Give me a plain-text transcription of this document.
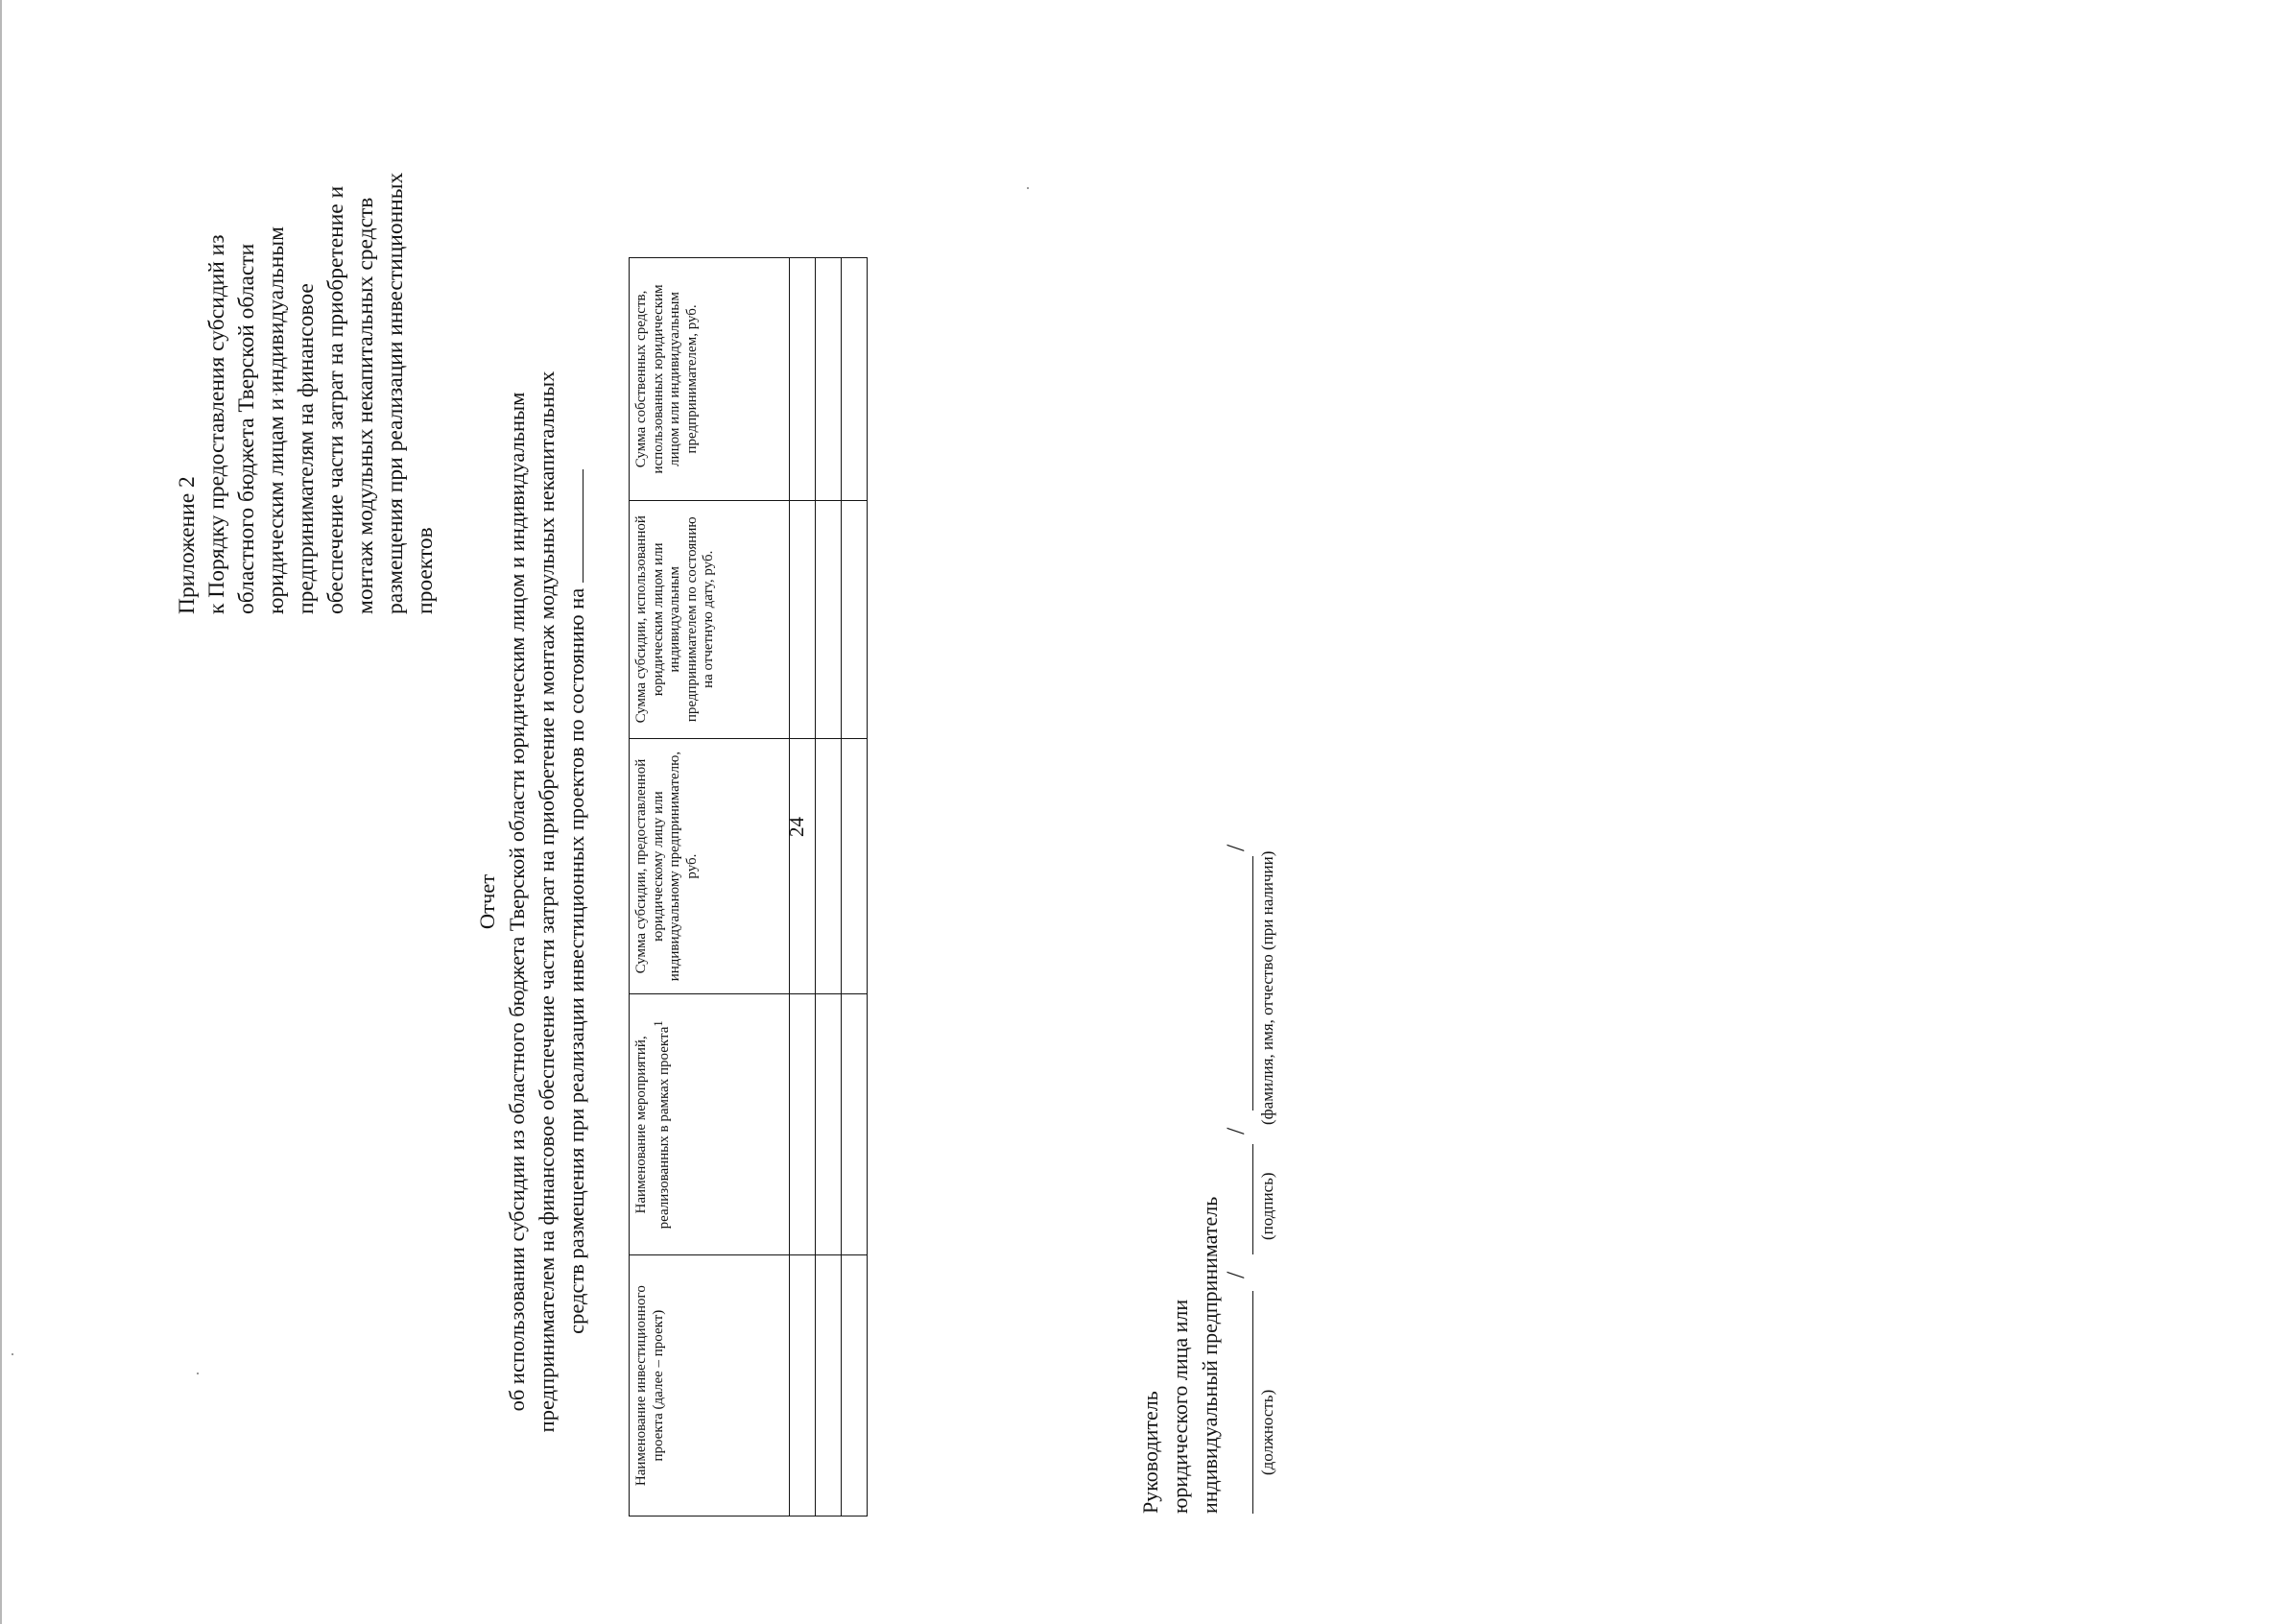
24
Приложение 2 к Порядку предоставления субсидий из областного бюджета Тверской области юридическим лицам и индивидуальным предпринимателям на финансовое обеспечение части затрат на приобретение и монтаж модульных некапитальных средств размещения при реализации инвестиционных проектов
Отчет об использовании субсидии из областного бюджета Тверской области юридическим лицом и индивидуальным предпринимателем на финансовое обеспечение части затрат на приобретение и монтаж модульных некапитальных средств размещения при реализации инвестиционных проектов по состоянию на
Наименование инвестиционного проекта (далее – проект)	Наименование мероприятий, реализованных в рамках проекта$^1$	Сумма субсидии, предоставленной юридическому лицу или индивидуальному предпринимателю, руб.	Сумма субсидии, использованной юридическим лицом или индивидуальным предпринимателем по состоянию на отчетную дату, руб.	Сумма собственных средств, использованных юридическим лицом или индивидуальным предпринимателем, руб.

Руководитель юридического лица или индивидуальный предприниматель /
/
/
(должность)
(подпись)
(фамилия, имя, отчество (при наличии)
